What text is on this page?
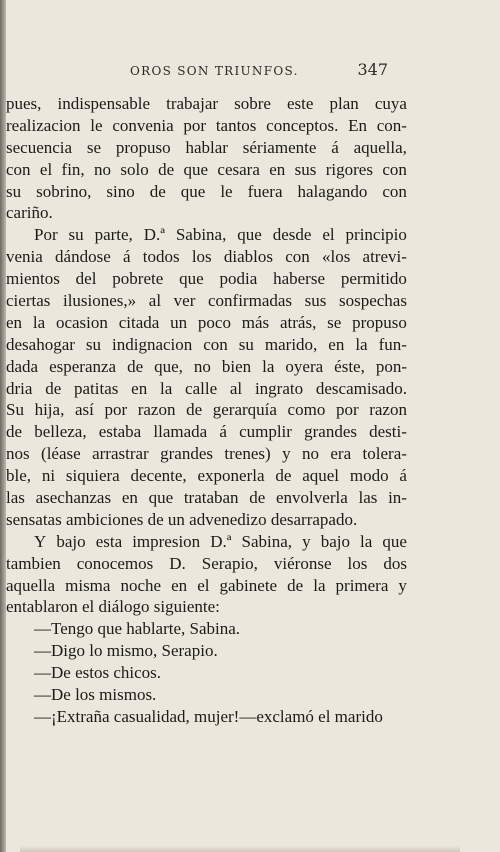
OROS SON TRIUNFOS.	347
pues, indispensable trabajar sobre este plan cuya
realizacion le convenia por tantos conceptos. En con-
secuencia se propuso hablar sériamente á aquella,
con el fin, no solo de que cesara en sus rigores con
su sobrino, sino de que le fuera halagando con
cariño.
Por su parte, D.ª Sabina, que desde el principio
venia dándose á todos los diablos con «los atrevi-
mientos del pobrete que podia haberse permitido
ciertas ilusiones,» al ver confirmadas sus sospechas
en la ocasion citada un poco más atrás, se propuso
desahogar su indignacion con su marido, en la fun-
dada esperanza de que, no bien la oyera éste, pon-
dria de patitas en la calle al ingrato descamisado.
Su hija, así por razon de gerarquía como por razon
de belleza, estaba llamada á cumplir grandes desti-
nos (léase arrastrar grandes trenes) y no era tolera-
ble, ni siquiera decente, exponerla de aquel modo á
las asechanzas en que trataban de envolverla las in-
sensatas ambiciones de un advenedizo desarrapado.
Y bajo esta impresion D.ª Sabina, y bajo la que
tambien conocemos D. Serapio, viéronse los dos
aquella misma noche en el gabinete de la primera y
entablaron el diálogo siguiente:
—Tengo que hablarte, Sabina.
—Digo lo mismo, Serapio.
—De estos chicos.
—De los mismos.
—¡Extraña casualidad, mujer!—exclamó el marido
